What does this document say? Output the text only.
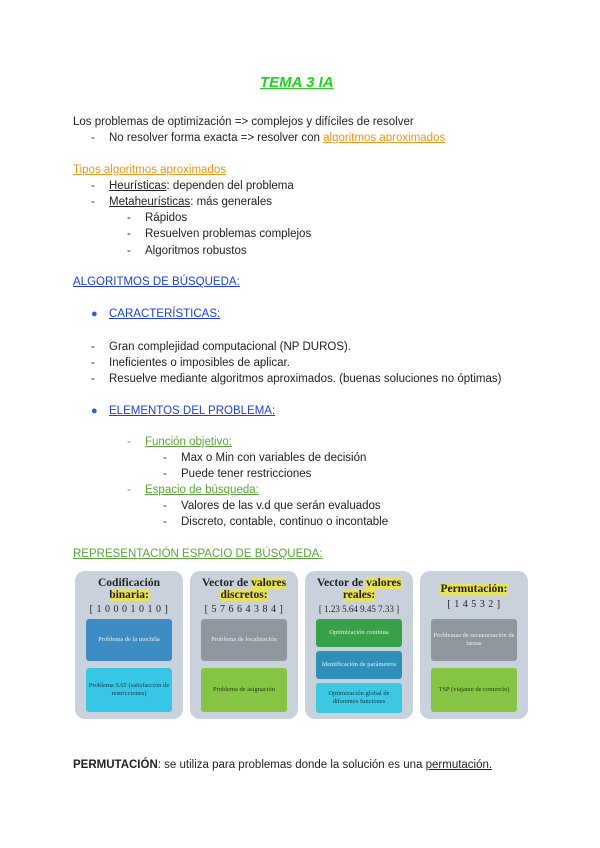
TEMA 3 IA
Los problemas de optimización => complejos y difíciles de resolver
- No resolver forma exacta => resolver con algoritmos aproximados
Tipos algoritmos aproximados
- Heurísticas: dependen del problema
- Metaheurísticas: más generales
- Rápidos
- Resuelven problemas complejos
- Algoritmos robustos
ALGORITMOS DE BÚSQUEDA:
● CARACTERÍSTICAS:
- Gran complejidad computacional (NP DUROS).
- Ineficientes o imposibles de aplicar.
- Resuelve mediante algoritmos aproximados. (buenas soluciones no óptimas)
● ELEMENTOS DEL PROBLEMA:
- Función objetivo:
- Max o Min con variables de decisión
- Puede tener restricciones
- Espacio de búsqueda:
- Valores de las v.d que serán evaluados
- Discreto, contable, continuo o incontable
REPRESENTACIÓN ESPACIO DE BÚSQUEDA:
Codificación
binaria:
[ 1 0 0 0 1 0 1 0 ]
Problema de la mochila
Problema SAT (satisfacción de restricciones)
Vector de valores
discretos:
[ 5 7 6 6 4 3 8 4 ]
Problema de localización
Problema de asignación
Vector de valores
reales:
[ 1.23 5.64 9.45 7.33 ]
Optimización continua
Identificación de parámetros
Optimización global de diferentes funciones
Permutación:
[ 1 4 5 3 2 ]
Problemas de secuenciación de tareas
TSP (viajante de comercio)
PERMUTACIÓN: se utiliza para problemas donde la solución es una permutación.
